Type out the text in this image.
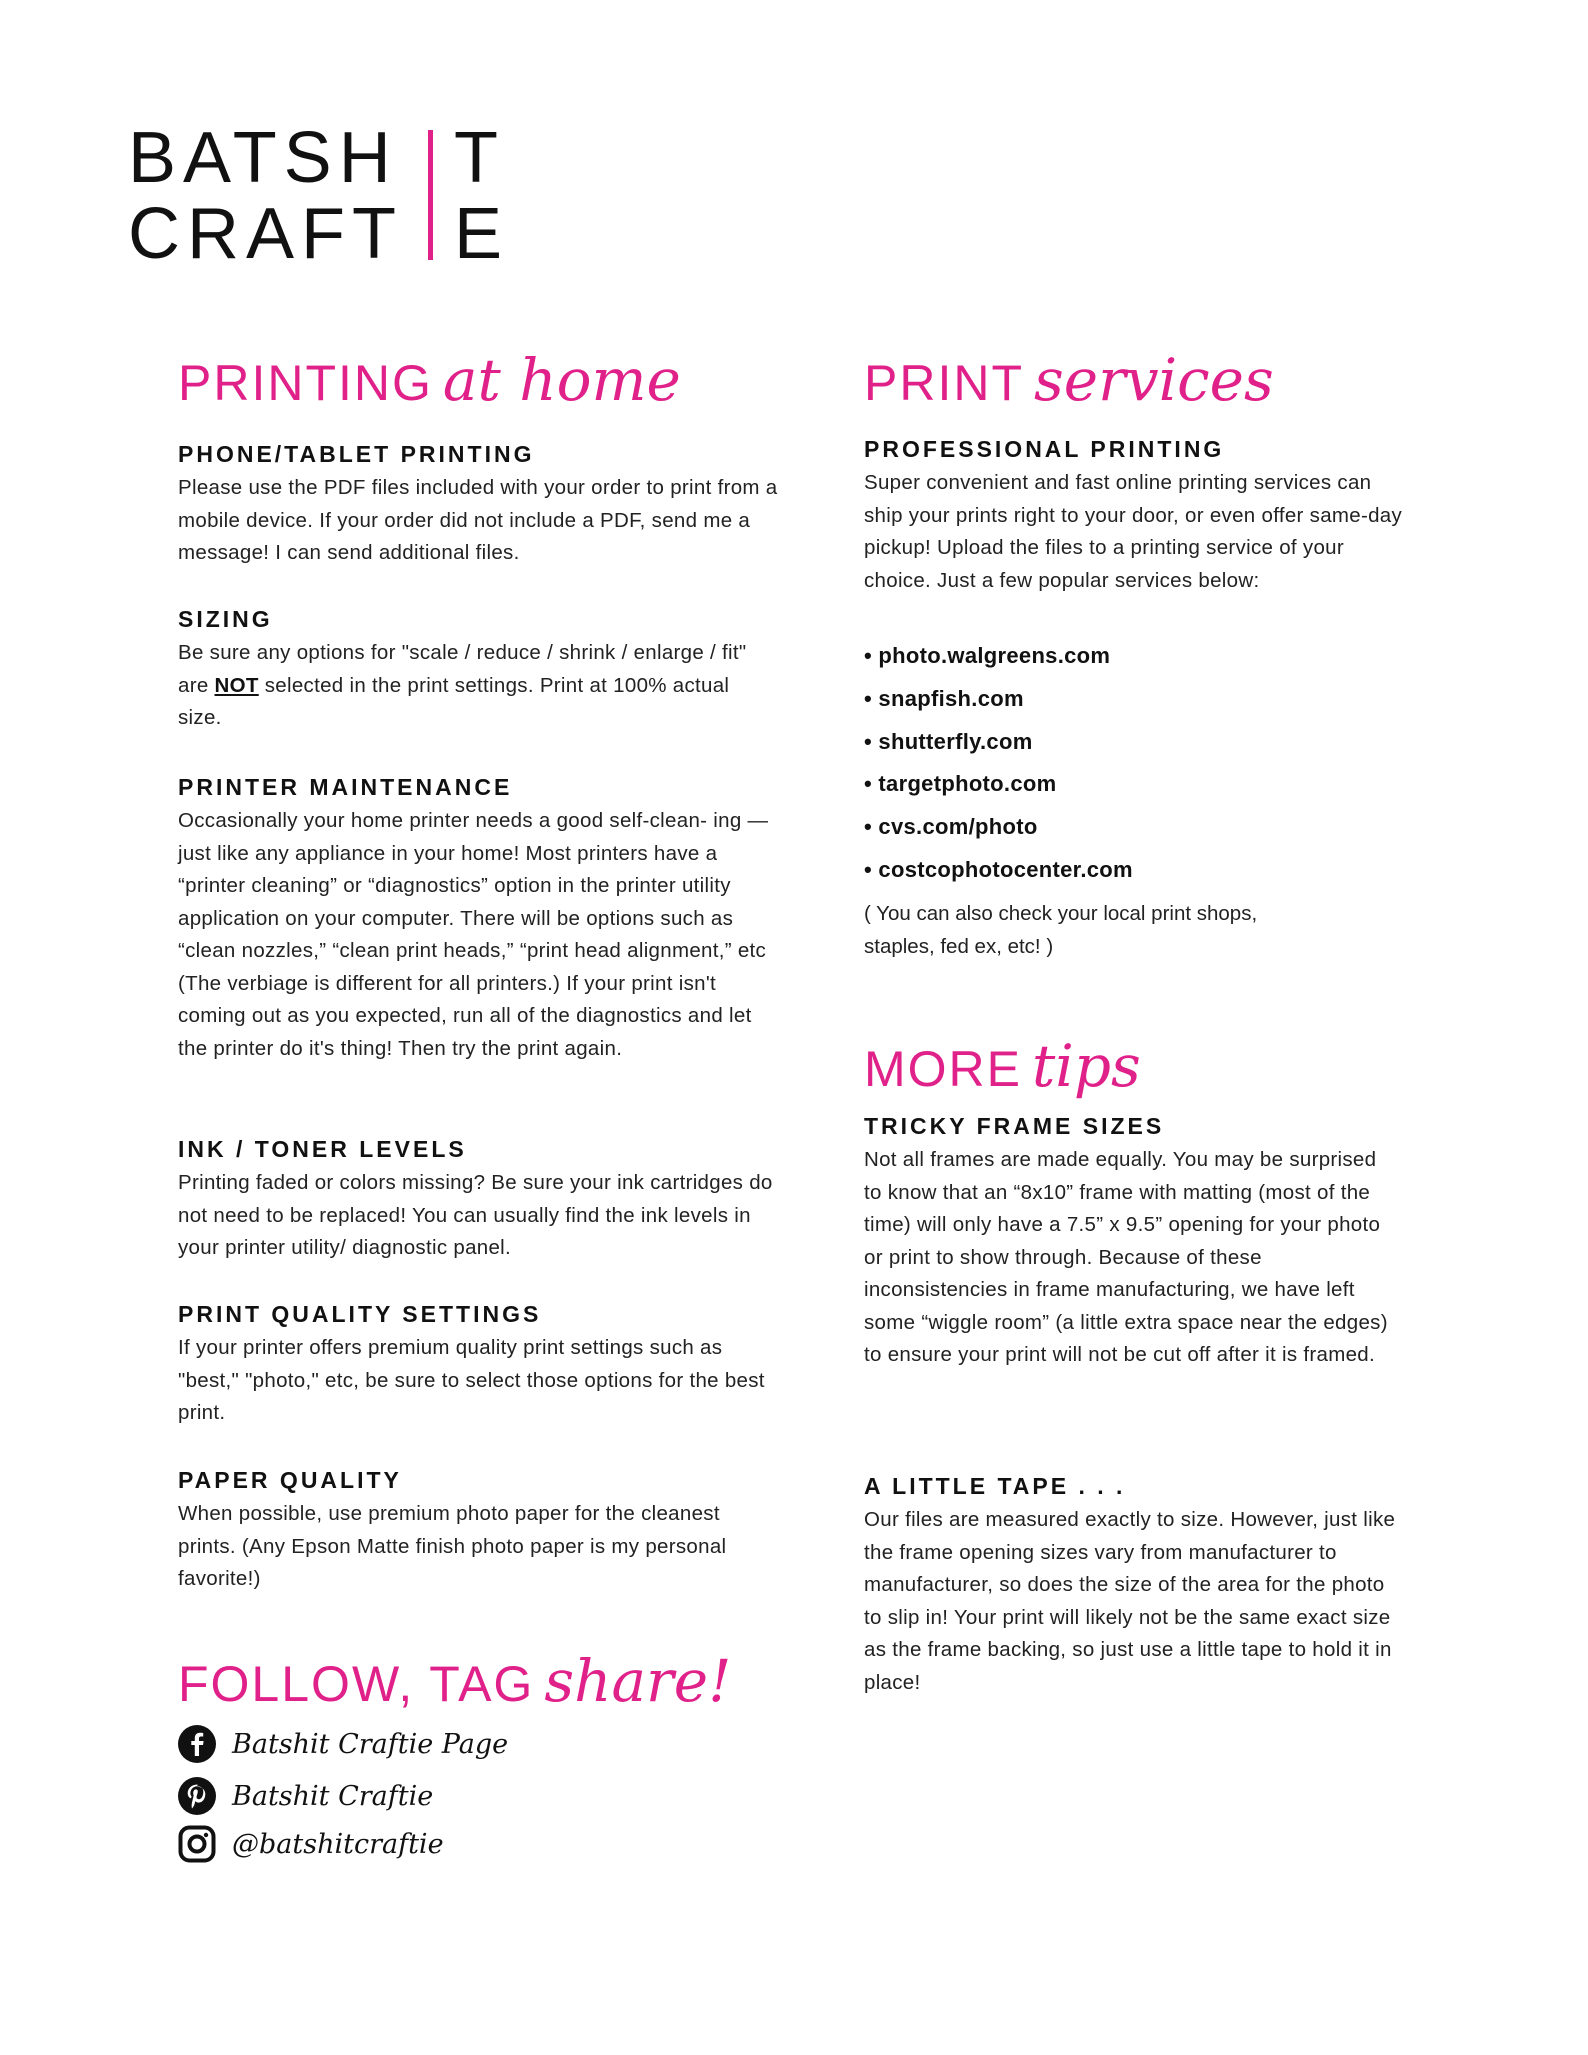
BATSH T
CRAFT E
PRINTING at home
PHONE/TABLET PRINTING

Please use the PDF files included with your order to print from a mobile device. If your order did not include a PDF, send me a message! I can send additional files.

SIZING

Be sure any options for "scale / reduce / shrink / enlarge / fit" are NOT selected in the print settings. Print at 100% actual size.

PRINTER MAINTENANCE

Occasionally your home printer needs a good self-clean- ing — just like any appliance in your home! Most printers have a “printer cleaning” or “diagnostics” option in the printer utility application on your computer. There will be options such as “clean nozzles,” “clean print heads,” “print head alignment,” etc (The verbiage is different for all printers.) If your print isn't coming out as you expected, run all of the diagnostics and let the printer do it's thing! Then try the print again.

INK / TONER LEVELS

Printing faded or colors missing? Be sure your ink cartridges do not need to be replaced! You can usually find the ink levels in your printer utility/ diagnostic panel.

PRINT QUALITY SETTINGS

If your printer offers premium quality print settings such as "best," "photo," etc, be sure to select those options for the best print.

PAPER QUALITY

When possible, use premium photo paper for the cleanest prints. (Any Epson Matte finish photo paper is my personal favorite!)

FOLLOW, TAG share!
Batshit Craftie Page
Batshit Craftie
@batshitcraftie
PRINT services
PROFESSIONAL PRINTING

Super convenient and fast online printing services can ship your prints right to your door, or even offer same-day pickup! Upload the files to a printing service of your choice. Just a few popular services below:

• photo.walgreens.com
• snapfish.com
• shutterfly.com
• targetphoto.com
• cvs.com/photo
• costcophotocenter.com
( You can also check your local print shops, staples, fed ex, etc! )
MORE tips
TRICKY FRAME SIZES

Not all frames are made equally. You may be surprised to know that an “8x10” frame with matting (most of the time) will only have a 7.5” x 9.5” opening for your photo or print to show through. Because of these inconsistencies in frame manufacturing, we have left some “wiggle room” (a little extra space near the edges) to ensure your print will not be cut off after it is framed.

A LITTLE TAPE . . .

Our files are measured exactly to size. However, just like the frame opening sizes vary from manufacturer to manufacturer, so does the size of the area for the photo to slip in! Your print will likely not be the same exact size as the frame backing, so just use a little tape to hold it in place!
